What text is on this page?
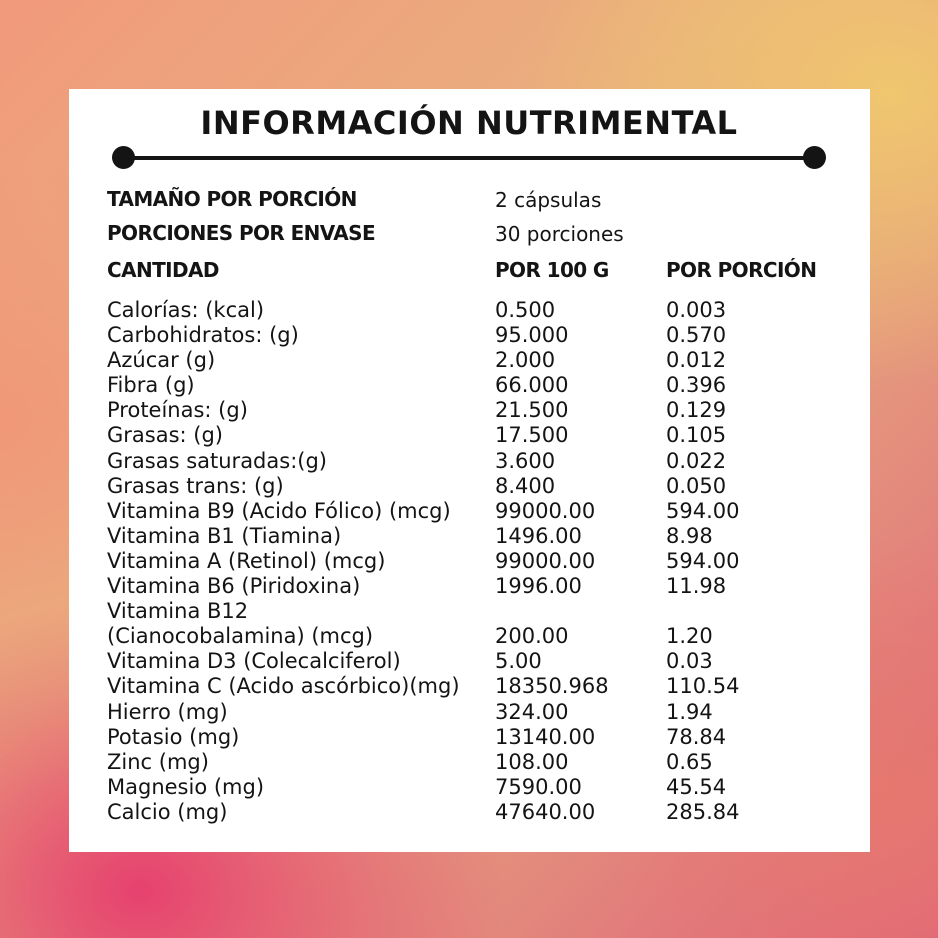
INFORMACIÓN NUTRIMENTAL
TAMAÑO POR PORCIÓN	2 cápsulas
PORCIONES POR ENVASE	30 porciones
CANTIDAD	POR 100 G	POR PORCIÓN
Calorías: (kcal)	0.500	0.003
Carbohidratos: (g)	95.000	0.570
Azúcar (g)	2.000	0.012
Fibra (g)	66.000	0.396
Proteínas: (g)	21.500	0.129
Grasas: (g)	17.500	0.105
Grasas saturadas:(g)	3.600	0.022
Grasas trans: (g)	8.400	0.050
Vitamina B9 (Acido Fólico) (mcg) 99000.00	594.00
Vitamina B1 (Tiamina)	1496.00	8.98
Vitamina A (Retinol) (mcg)	99000.00	594.00
Vitamina B6 (Piridoxina)	1996.00	11.98
Vitamina B12
(Cianocobalamina) (mcg)	200.00	1.20
Vitamina D3 (Colecalciferol)	5.00	0.03
Vitamina C (Acido ascórbico)(mg) 18350.968	110.54
Hierro (mg)	324.00	1.94
Potasio (mg)	13140.00	78.84
Zinc (mg)	108.00	0.65
Magnesio (mg)	7590.00	45.54
Calcio (mg)	47640.00	285.84
